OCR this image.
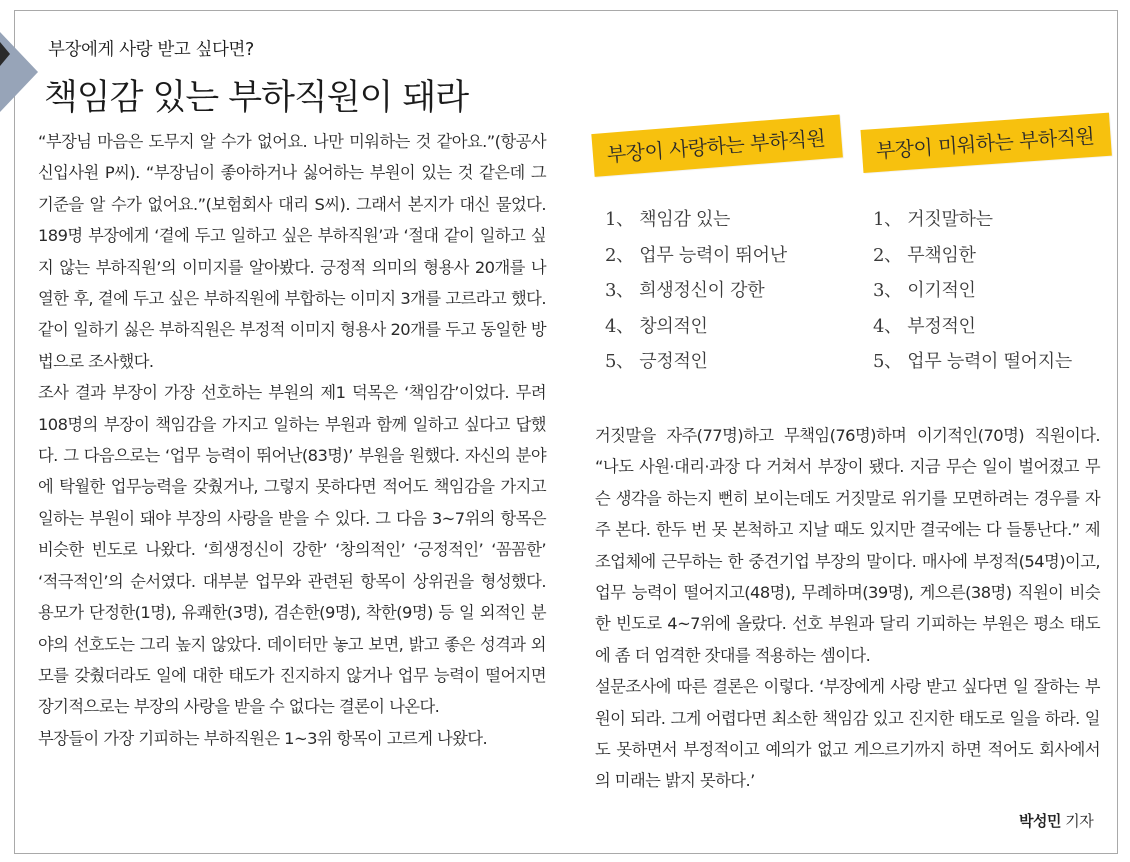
부장에게 사랑 받고 싶다면?
책임감 있는 부하직원이 돼라

“부장님 마음은 도무지 알 수가 없어요. 나만 미워하는 것 같아요.”(항공사 신입사원 P씨). “부장님이 좋아하거나 싫어하는 부원이 있는 것 같은데 그 기준을 알 수가 없어요.”(보험회사 대리 S씨). 그래서 본지가 대신 물었다. 189명 부장에게 ‘곁에 두고 일하고 싶은 부하직원’과 ‘절대 같이 일하고 싶지 않는 부하직원’의 이미지를 알아봤다. 긍정적 의미의 형용사 20개를 나열한 후, 곁에 두고 싶은 부하직원에 부합하는 이미지 3개를 고르라고 했다. 같이 일하기 싫은 부하직원은 부정적 이미지 형용사 20개를 두고 동일한 방법으로 조사했다.

조사 결과 부장이 가장 선호하는 부원의 제1 덕목은 ‘책임감’이었다. 무려 108명의 부장이 책임감을 가지고 일하는 부원과 함께 일하고 싶다고 답했다. 그 다음으로는 ‘업무 능력이 뛰어난(83명)’ 부원을 원했다. 자신의 분야에 탁월한 업무능력을 갖췄거나, 그렇지 못하다면 적어도 책임감을 가지고 일하는 부원이 돼야 부장의 사랑을 받을 수 있다. 그 다음 3∼7위의 항목은 비슷한 빈도로 나왔다. ‘희생정신이 강한’ ‘창의적인’ ‘긍정적인’ ‘꼼꼼한’ ‘적극적인’의 순서였다. 대부분 업무와 관련된 항목이 상위권을 형성했다. 용모가 단정한(1명), 유쾌한(3명), 겸손한(9명), 착한(9명) 등 일 외적인 분야의 선호도는 그리 높지 않았다. 데이터만 놓고 보면, 밝고 좋은 성격과 외모를 갖췄더라도 일에 대한 태도가 진지하지 않거나 업무 능력이 떨어지면 장기적으로는 부장의 사랑을 받을 수 없다는 결론이 나온다.

부장들이 가장 기피하는 부하직원은 1∼3위 항목이 고르게 나왔다.

부장이 사랑하는 부하직원	부장이 미워하는 부하직원
1、 책임감 있는
2、 업무 능력이 뛰어난
3、 희생정신이 강한
4、 창의적인
5、 긍정적인
1、 거짓말하는
2、 무책임한
3、 이기적인
4、 부정적인
5、 업무 능력이 떨어지는

거짓말을 자주(77명)하고 무책임(76명)하며 이기적인(70명) 직원이다. “나도 사원·대리·과장 다 거쳐서 부장이 됐다. 지금 무슨 일이 벌어졌고 무슨 생각을 하는지 뻔히 보이는데도 거짓말로 위기를 모면하려는 경우를 자주 본다. 한두 번 못 본척하고 지날 때도 있지만 결국에는 다 들통난다.” 제조업체에 근무하는 한 중견기업 부장의 말이다. 매사에 부정적(54명)이고, 업무 능력이 떨어지고(48명), 무례하며(39명), 게으른(38명) 직원이 비슷한 빈도로 4∼7위에 올랐다. 선호 부원과 달리 기피하는 부원은 평소 태도에 좀 더 엄격한 잣대를 적용하는 셈이다.

설문조사에 따른 결론은 이렇다. ‘부장에게 사랑 받고 싶다면 일 잘하는 부원이 되라. 그게 어렵다면 최소한 책임감 있고 진지한 태도로 일을 하라. 일도 못하면서 부정적이고 예의가 없고 게으르기까지 하면 적어도 회사에서의 미래는 밝지 못하다.’

박성민 기자
